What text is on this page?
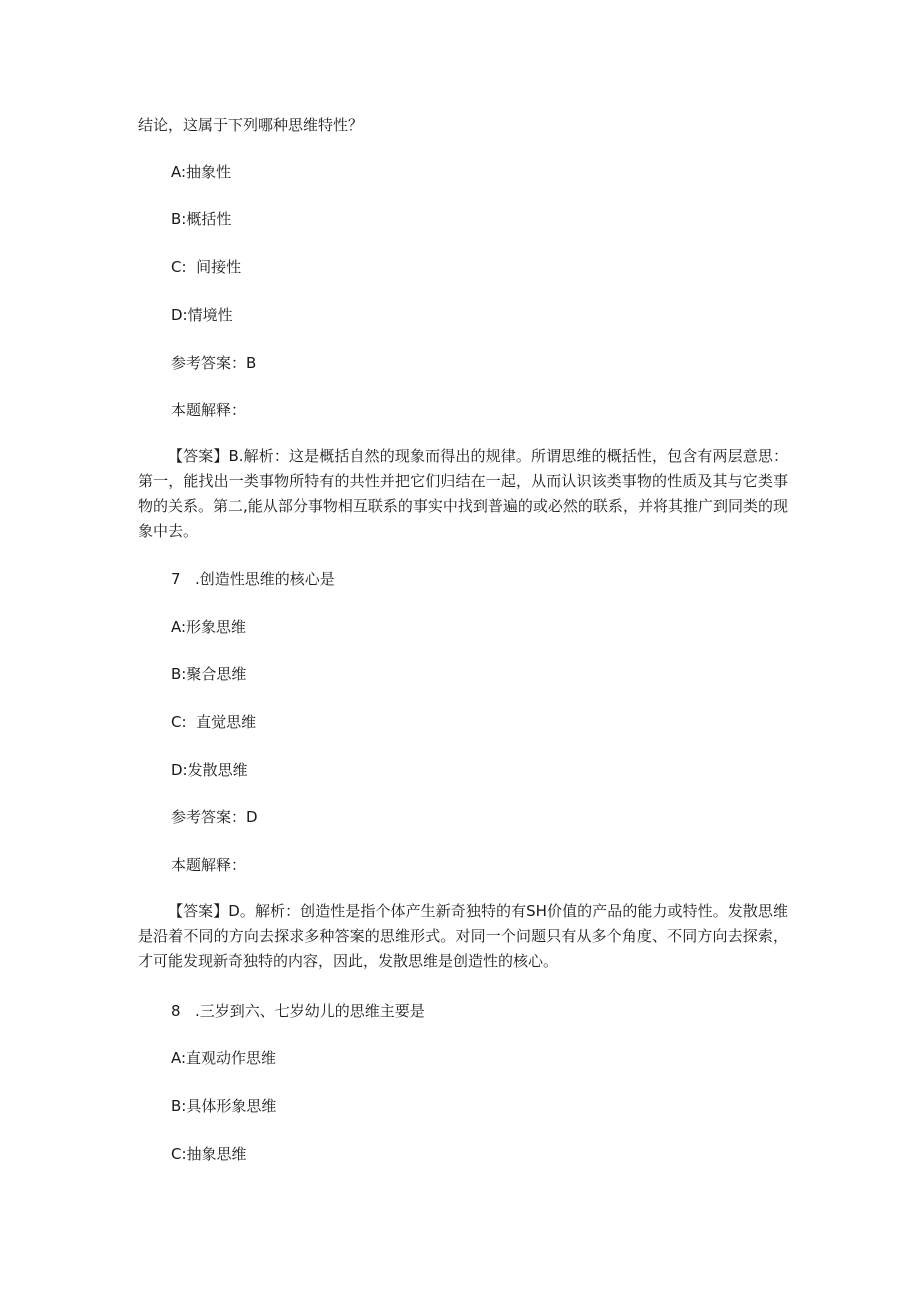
结论，这属于下列哪种思维特性？
A:抽象性
B:概括性
C:  间接性
D:情境性
参考答案：B
本题解释：
【答案】B.解析：这是概括自然的现象而得出的规律。所谓思维的概括性，包含有两层意思：第一，能找出一类事物所特有的共性并把它们归结在一起，从而认识该类事物的性质及其与它类事物的关系。第二,能从部分事物相互联系的事实中找到普遍的或必然的联系，并将其推广到同类的现象中去。
7 .创造性思维的核心是
A:形象思维
B:聚合思维
C:  直觉思维
D:发散思维
参考答案：D
本题解释：
【答案】D。解析：创造性是指个体产生新奇独特的有SH价值的产品的能力或特性。发散思维是沿着不同的方向去探求多种答案的思维形式。对同一个问题只有从多个角度、不同方向去探索，才可能发现新奇独特的内容，因此，发散思维是创造性的核心。
8 .三岁到六、七岁幼儿的思维主要是
A:直观动作思维
B:具体形象思维
C:抽象思维
